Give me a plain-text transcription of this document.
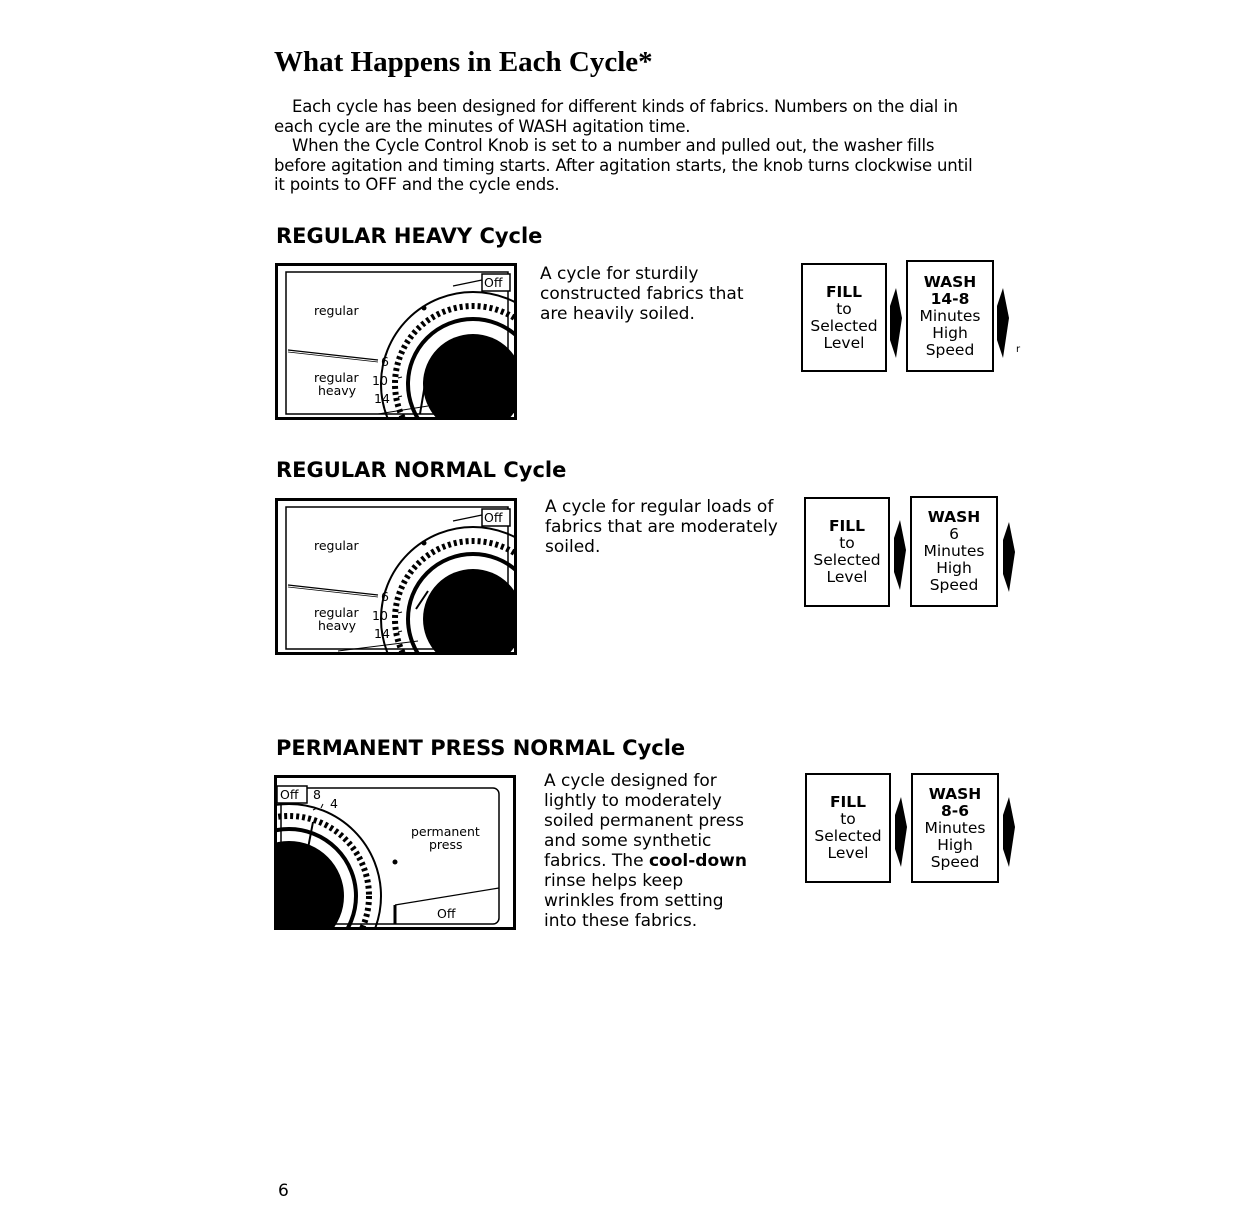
What Happens in Each Cycle*

Each cycle has been designed for different kinds of fabrics. Numbers on the dial in each cycle are the minutes of WASH agitation time.

When the Cycle Control Knob is set to a number and pulled out, the washer fills before agitation and timing starts. After agitation starts, the knob turns clockwise until it points to OFF and the cycle ends.

REGULAR HEAVY Cycle
Off
regular
6
10
14
regular
heavy

A cycle for sturdily constructed fabrics that are heavily soiled.

FILL
to
Selected
Level
WASH
14-8
Minutes
High
Speed	r
REGULAR NORMAL Cycle
Off
regular
6
10
14
regular
heavy

A cycle for regular loads of fabrics that are moderately soiled.

FILL
to
Selected
Level
WASH
6
Minutes
High
Speed
PERMANENT PRESS NORMAL Cycle
Off 8
4
permanent
press
Off

A cycle designed for lightly to moderately soiled permanent press and some synthetic fabrics. The cool-down rinse helps keep wrinkles from setting into these fabrics.

FILL
to
Selected
Level
WASH
8-6
Minutes
High
Speed
6
